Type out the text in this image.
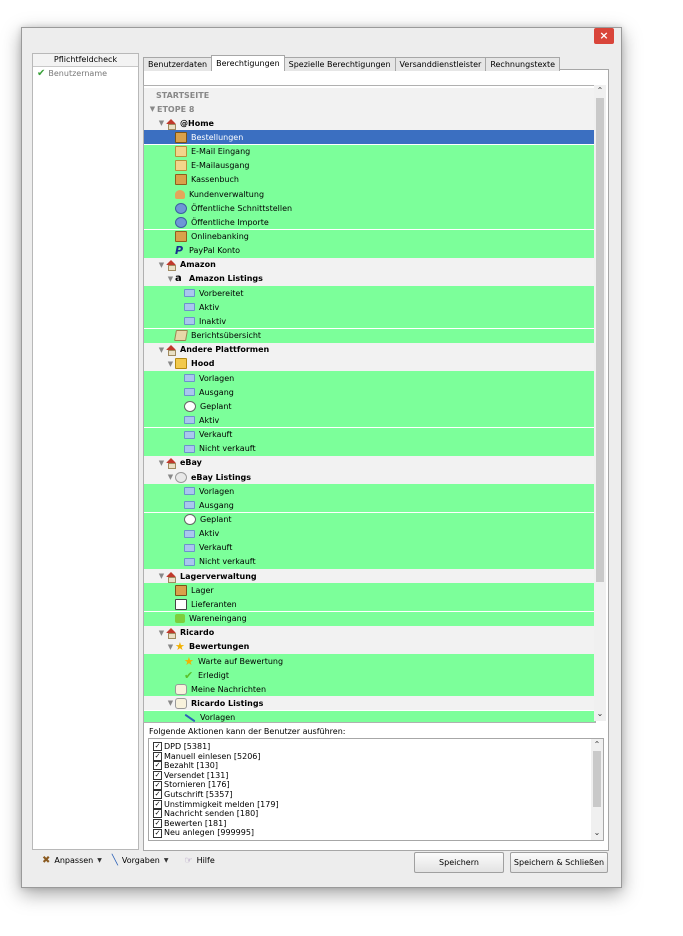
×
Pflichtfeldcheck
✔ Benutzername
Benutzerdaten	Berechtigungen	Spezielle Berechtigungen	Versanddienstleister	Rechnungstexte
STARTSEITE
▼ ETOPE 8
▼ @Home
Bestellungen
E-Mail Eingang
E-Mailausgang
Kassenbuch
Kundenverwaltung
Öffentliche Schnittstellen
Öffentliche Importe
Onlinebanking
P PayPal Konto
▼ Amazon
▼ a Amazon Listings
Vorbereitet
Aktiv
Inaktiv
Berichtsübersicht
▼ Andere Plattformen
▼ Hood
Vorlagen
Ausgang
Geplant
Aktiv
Verkauft
Nicht verkauft
▼ eBay
▼ eBay Listings
Vorlagen
Ausgang
Geplant
Aktiv
Verkauft
Nicht verkauft
▼ Lagerverwaltung
Lager
Lieferanten
Wareneingang
▼ Ricardo
▼ ★ Bewertungen
★ Warte auf Bewertung
✔ Erledigt
Meine Nachrichten
▼ Ricardo Listings
Vorlagen
⌃
⌄
Folgende Aktionen kann der Benutzer ausführen:
✓ DPD [5381]
✓ Manuell einlesen [5206]
✓ Bezahlt [130]
✓ Versendet [131]
✓ Stornieren [176]
✓ Gutschrift [5357]
✓ Unstimmigkeit melden [179]
✓ Nachricht senden [180]
✓ Bewerten [181]
✓ Neu anlegen [999995]
⌃
⌄
✖ Anpassen ▼ ╲ Vorgaben ▼ ☞ Hilfe	Speichern	Speichern & Schließen
